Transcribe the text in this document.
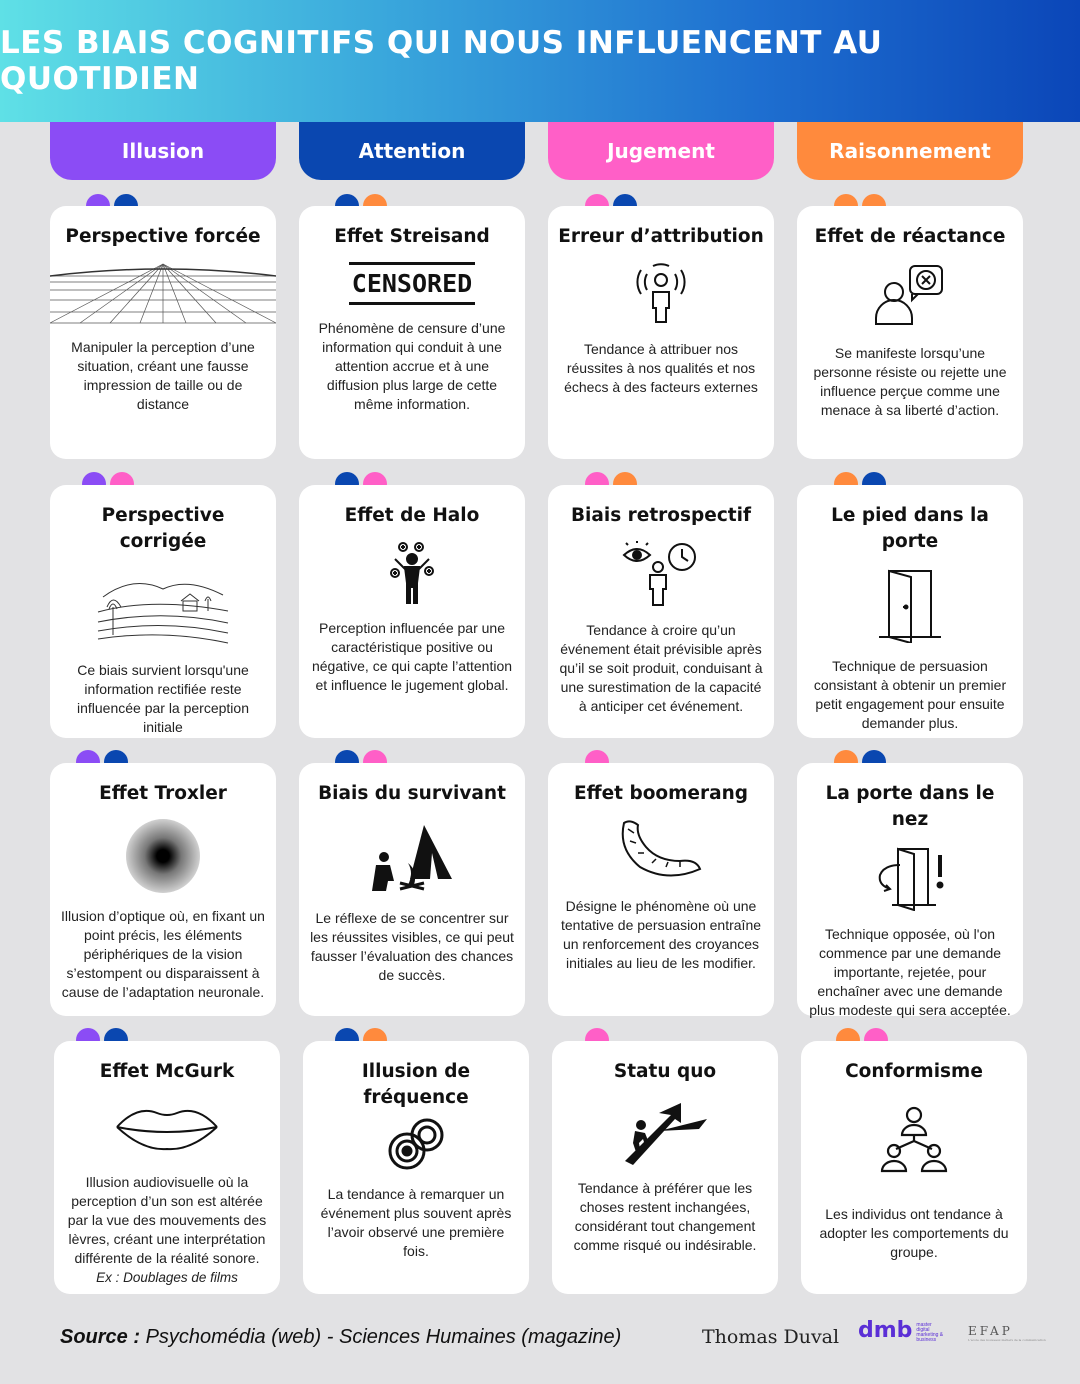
LES BIAIS COGNITIFS QUI NOUS INFLUENCENT AU QUOTIDIEN
Illusion	Attention	Jugement	Raisonnement
Perspective forcée

Manipuler la perception d’une situation, créant une fausse impression de taille ou de distance

Effet Streisand
CENSORED

Phénomène de censure d’une information qui conduit à une attention accrue et à une diffusion plus large de cette même information.

Erreur d’attribution

Tendance à attribuer nos réussites à nos qualités et nos échecs à des facteurs externes

Effet de réactance

Se manifeste lorsqu’une personne résiste ou rejette une influence perçue comme une menace à sa liberté d’action.

Perspective corrigée

Ce biais survient lorsqu'une information rectifiée reste influencée par la perception initiale

Effet de Halo

Perception influencée par une caractéristique positive ou négative, ce qui capte l’attention et influence le jugement global.

Biais retrospectif

Tendance à croire qu’un événement était prévisible après qu’il se soit produit, conduisant à une surestimation de la capacité à anticiper cet événement.

Le pied dans la porte

Technique de persuasion consistant à obtenir un premier petit engagement pour ensuite demander plus.

Effet Troxler

Illusion d’optique où, en fixant un point précis, les éléments périphériques de la vision s’estompent ou disparaissent à cause de l’adaptation neuronale.

Biais du survivant

Le réflexe de se concentrer sur les réussites visibles, ce qui peut fausser l’évaluation des chances de succès.

Effet boomerang

Désigne le phénomène où une tentative de persuasion entraîne un renforcement des croyances initiales au lieu de les modifier.

La porte dans le nez

Technique opposée, où l'on commence par une demande importante, rejetée, pour enchaîner avec une demande plus modeste qui sera acceptée.

Effet McGurk

Illusion audiovisuelle où la perception d’un son est altérée par la vue des mouvements des lèvres, créant une interprétation différente de la réalité sonore.

Ex : Doublages de films

Illusion de fréquence

La tendance à remarquer un événement plus souvent après l’avoir observé une première fois.

Statu quo

Tendance à préférer que les choses restent inchangées, considérant tout changement comme risqué ou indésirable.

Conformisme

Les individus ont tendance à adopter les comportements du groupe.

Source : Psychomédia (web) - Sciences Humaines (magazine)	Thomas Duval dmb master digital marketing & business
EFAP
L'école des nouveaux métiers de la communication
